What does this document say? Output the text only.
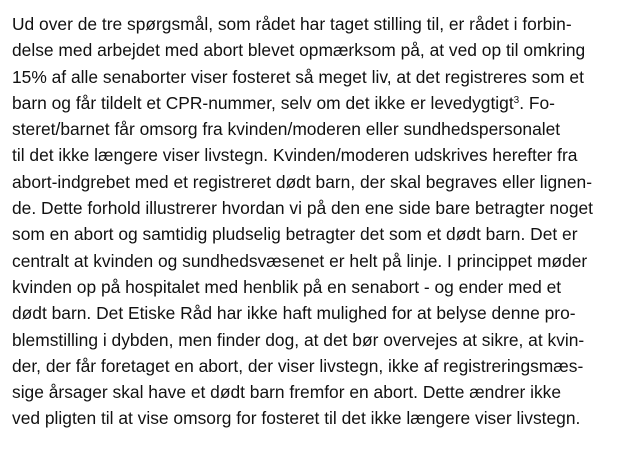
Ud over de tre spørgsmål, som rådet har taget stilling til, er rådet i forbin-
delse med arbejdet med abort blevet opmærksom på, at ved op til omkring
15% af alle senaborter viser fosteret så meget liv, at det registreres som et
barn og får tildelt et CPR-nummer, selv om det ikke er levedygtigt$^3$. Fo-
steret/barnet får omsorg fra kvinden/moderen eller sundhedspersonalet
til det ikke længere viser livstegn. Kvinden/moderen udskrives herefter fra
abort-indgrebet med et registreret dødt barn, der skal begraves eller lignen-
de. Dette forhold illustrerer hvordan vi på den ene side bare betragter noget
som en abort og samtidig pludselig betragter det som et dødt barn. Det er
centralt at kvinden og sundhedsvæsenet er helt på linje. I princippet møder
kvinden op på hospitalet med henblik på en senabort - og ender med et
dødt barn. Det Etiske Råd har ikke haft mulighed for at belyse denne pro-
blemstilling i dybden, men finder dog, at det bør overvejes at sikre, at kvin-
der, der får foretaget en abort, der viser livstegn, ikke af registreringsmæs-
sige årsager skal have et dødt barn fremfor en abort. Dette ændrer ikke
ved pligten til at vise omsorg for fosteret til det ikke længere viser livstegn.
